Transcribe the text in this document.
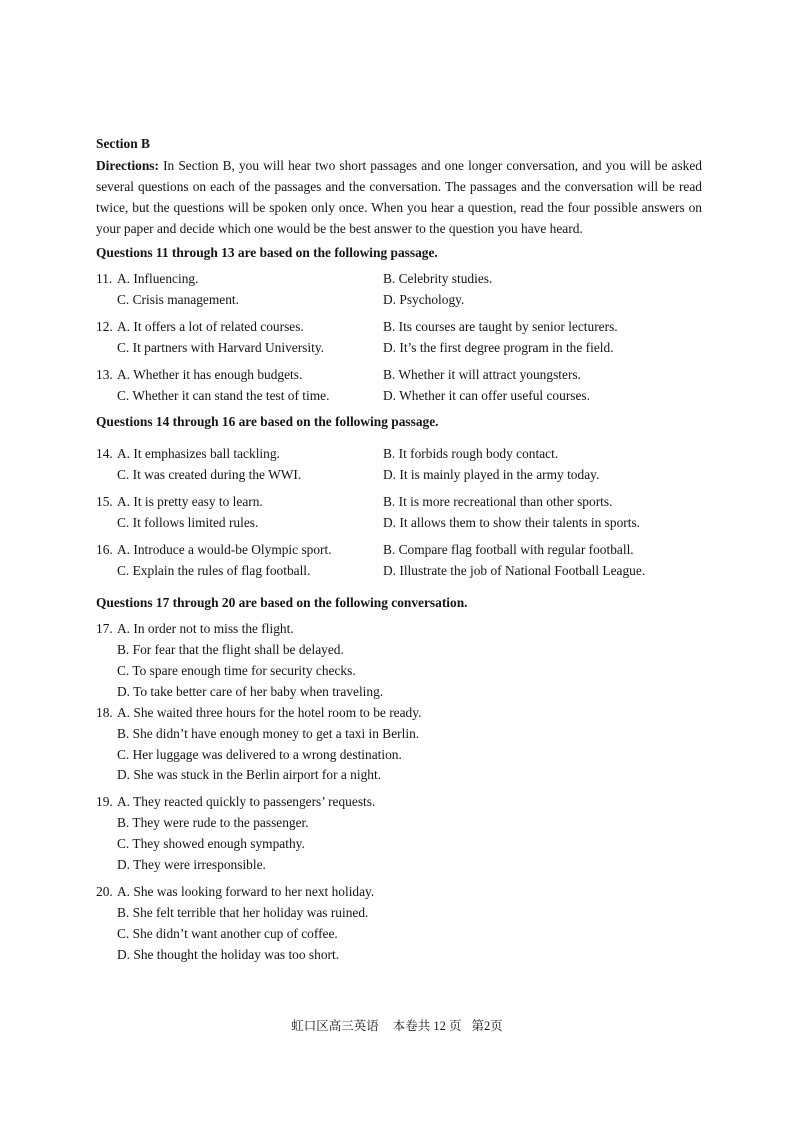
Section B
Directions: In Section B, you will hear two short passages and one longer conversation, and you will be asked several questions on each of the passages and the conversation. The passages and the conversation will be read twice, but the questions will be spoken only once. When you hear a question, read the four possible answers on your paper and decide which one would be the best answer to the question you have heard.
Questions 11 through 13 are based on the following passage.
11. A. Influencing.	B. Celebrity studies.
C. Crisis management.	D. Psychology.
12. A. It offers a lot of related courses.	B. Its courses are taught by senior lecturers.
C. It partners with Harvard University.	D. It’s the first degree program in the field.
13. A. Whether it has enough budgets.	B. Whether it will attract youngsters.
C. Whether it can stand the test of time.	D. Whether it can offer useful courses.
Questions 14 through 16 are based on the following passage.
14. A. It emphasizes ball tackling.	B. It forbids rough body contact.
C. It was created during the WWI.	D. It is mainly played in the army today.
15. A. It is pretty easy to learn.	B. It is more recreational than other sports.
C. It follows limited rules.	D. It allows them to show their talents in sports.
16. A. Introduce a would-be Olympic sport.	B. Compare flag football with regular football.
C. Explain the rules of flag football.	D. Illustrate the job of National Football League.
Questions 17 through 20 are based on the following conversation.
17. A. In order not to miss the flight.
B. For fear that the flight shall be delayed.
C. To spare enough time for security checks.
D. To take better care of her baby when traveling.
18. A. She waited three hours for the hotel room to be ready.
B. She didn’t have enough money to get a taxi in Berlin.
C. Her luggage was delivered to a wrong destination.
D. She was stuck in the Berlin airport for a night.
19. A. They reacted quickly to passengers’ requests.
B. They were rude to the passenger.
C. They showed enough sympathy.
D. They were irresponsible.
20. A. She was looking forward to her next holiday.
B. She felt terrible that her holiday was ruined.
C. She didn’t want another cup of coffee.
D. She thought the holiday was too short.
虹口区高三英语 本卷共 12 页 第2页
